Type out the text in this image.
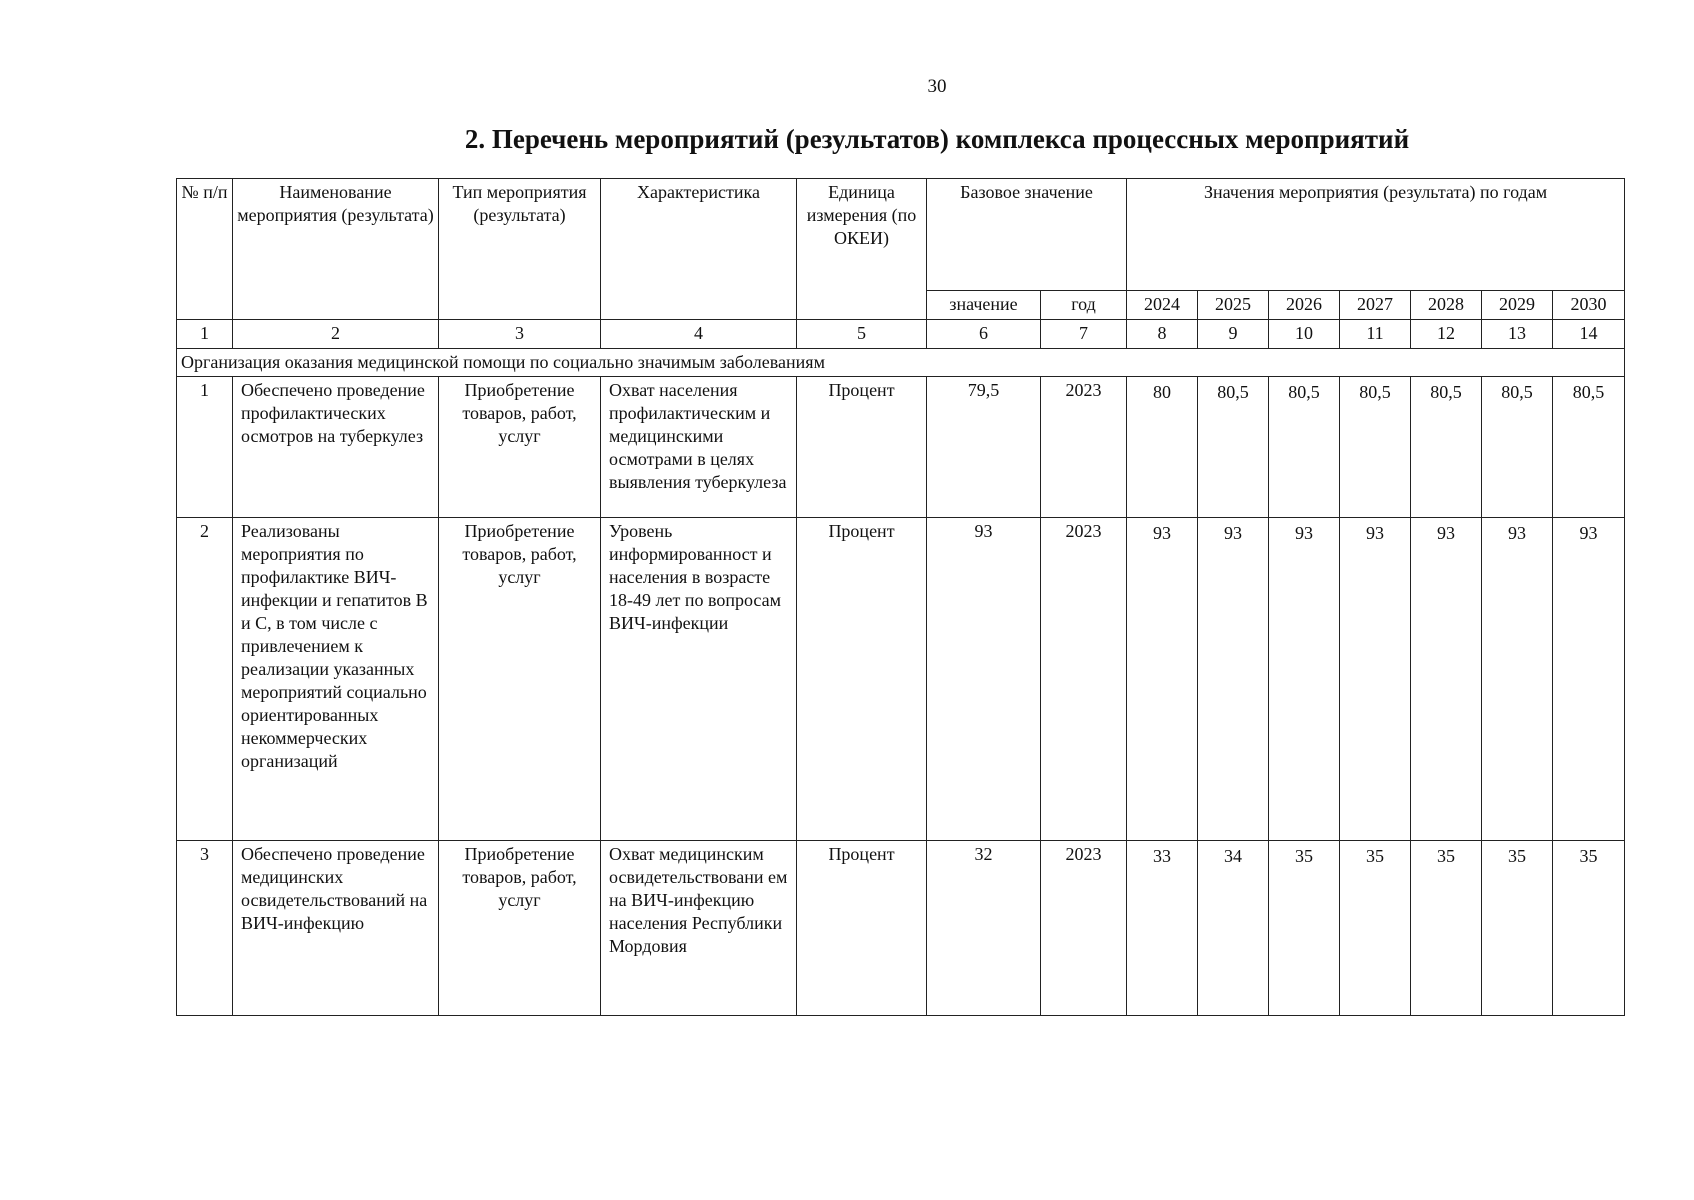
30
2. Перечень мероприятий (результатов) комплекса процессных мероприятий
№ п/п	Наименование мероприятия (результата)	Тип мероприятия (результата)	Характеристика	Единица измерения (по ОКЕИ)	Базовое значение		Значения мероприятия (результата) по годам						
					значение	год	2024	2025	2026	2027	2028	2029	2030
1	2	3	4	5	6	7	8	9	10	11	12	13	14
Организация оказания медицинской помощи по социально значимым заболеваниям													
1	Обеспечено проведение профилактических осмотров на туберкулез	Приобретение товаров, работ, услуг	Охват населения профилактическим и медицинскими осмотрами в целях выявления туберкулеза	Процент	79,5	2023	80	80,5	80,5	80,5	80,5	80,5	80,5
2	Реализованы мероприятия по профилактике ВИЧ-инфекции и гепатитов B и C, в том числе с привлечением к реализации указанных мероприятий социально ориентированных некоммерческих организаций	Приобретение товаров, работ, услуг	Уровень информированност и населения в возрасте 18-49 лет по вопросам ВИЧ-инфекции	Процент	93	2023	93	93	93	93	93	93	93
3	Обеспечено проведение медицинских освидетельствований на ВИЧ-инфекцию	Приобретение товаров, работ, услуг	Охват медицинским освидетельствовани ем на ВИЧ-инфекцию населения Республики Мордовия	Процент	32	2023	33	34	35	35	35	35	35
